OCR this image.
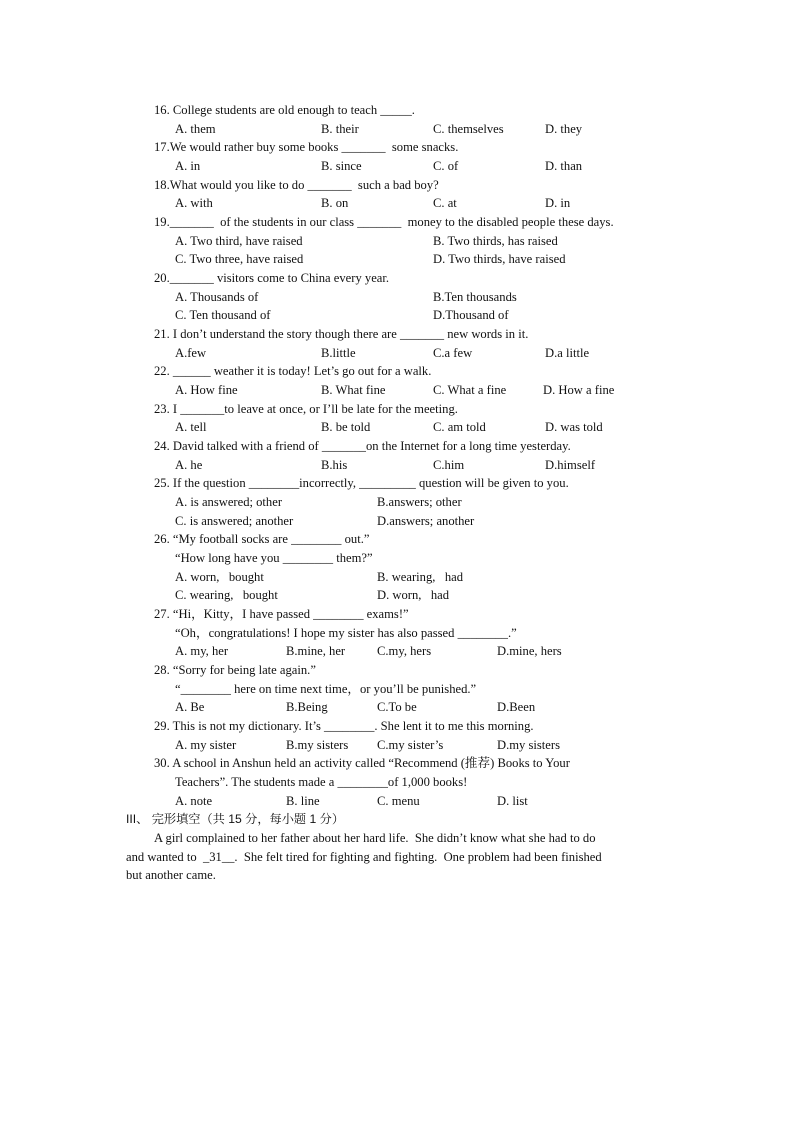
16. College students are old enough to teach _____.
A. them	B. their	C. themselves	D. they
17.We would rather buy some books _______  some snacks.
A. in	B. since	C. of	D. than
18.What would you like to do _______  such a bad boy?
A. with	B. on	C. at	D. in
19._______  of the students in our class _______  money to the disabled people these days.
A. Two third, have raised	B. Two thirds, has raised
C. Two three, have raised	D. Two thirds, have raised
20._______ visitors come to China every year.
A. Thousands of	B.Ten thousands
C. Ten thousand of	D.Thousand of
21. I don’t understand the story though there are _______ new words in it.
A.few	B.little	C.a few	D.a little
22. ______ weather it is today! Let’s go out for a walk.
A. How fine	B. What fine	C. What a fine	D. How a fine
23. I _______to leave at once, or I’ll be late for the meeting.
A. tell	B. be told	C. am told	D. was told
24. David talked with a friend of _______on the Internet for a long time yesterday.
A. he	B.his	C.him	D.himself
25. If the question ________incorrectly, _________ question will be given to you.
A. is answered; other	B.answers; other
C. is answered; another	D.answers; another
26. “My football socks are ________ out.”
“How long have you ________ them?”
A. worn,   bought	B. wearing,   had
C. wearing,   bought	D. worn,   had
27. “Hi，Kitty，I have passed ________ exams!”
“Oh，congratulations! I hope my sister has also passed ________.”
A. my, her	B.mine, her	C.my, hers	D.mine, hers
28. “Sorry for being late again.”
“________ here on time next time，or you’ll be punished.”
A. Be	B.Being	C.To be	D.Been
29. This is not my dictionary. It’s ________. She lent it to me this morning.
A. my sister	B.my sisters C.my sister’s	D.my sisters
30. A school in Anshun held an activity called “Recommend (推荐) Books to Your
Teachers”. The students made a ________of 1,000 books!
A. note	B. line	C. menu	D. list
III、 完形填空（共 15 分，每小题 1 分）
A girl complained to her father about her hard life.  She didn’t know what she had to do
and wanted to  _31__.  She felt tired for fighting and fighting.  One problem had been finished
but another came.
